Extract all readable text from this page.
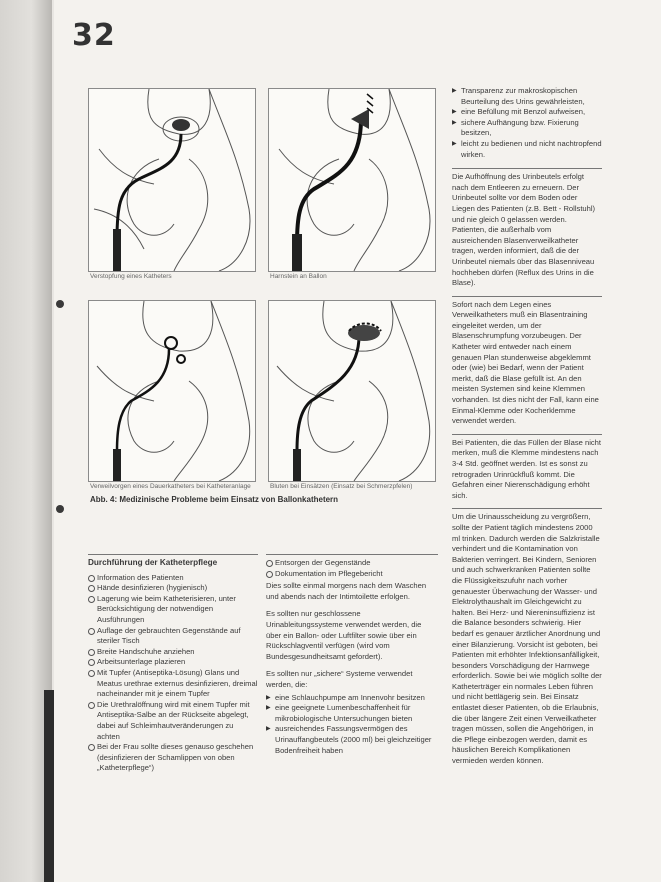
32
Verstopfung eines Katheters	Harnstein an Ballon
Verweilvorgen eines Dauerkatheters bei Katheteranlage	Bluten bei Einsätzen (Einsatz bei Schmerzpfelen)
Abb. 4: Medizinische Probleme beim Einsatz von Ballonkathetern
Durchführung der Katheterpflege
Information des Patienten
Hände desinfizieren (hygienisch)
Lagerung wie beim Katheterisieren, unter Berücksichtigung der notwendigen Ausführungen
Auflage der gebrauchten Gegenstände auf steriler Tisch
Breite Handschuhe anziehen
Arbeitsunterlage plazieren
Mit Tupfer (Antiseptika-Lösung) Glans und Meatus urethrae externus desinfizieren, dreimal nacheinander mit je einem Tupfer
Die Urethralöffnung wird mit einem Tupfer mit Antiseptika-Salbe an der Rückseite abgelegt, dabei auf Schleimhautveränderungen zu achten
Bei der Frau sollte dieses genauso geschehen (desinfizieren der Schamlippen von oben „Katheterpflege“)
Entsorgen der Gegenstände
Dokumentation im Pflegebericht

Dies sollte einmal morgens nach dem Waschen und abends nach der Intimtoilette erfolgen.

Es sollten nur geschlossene Urinableitungssysteme verwendet werden, die über ein Ballon- oder Luftfilter sowie über ein Rückschlagventil verfügen (wird vom Bundesgesundheitsamt gefordert).

Es sollten nur „sichere“ Systeme verwendet werden, die:

▶ eine Schlauchpumpe am Innenvohr besitzen
▶ eine geeignete Lumenbeschaffenheit für mikrobiologische Untersuchungen bieten
▶ ausreichendes Fassungsvermögen des Urinauffangbeutels (2000 ml) bei gleichzeitiger Bodenfreiheit haben
▶ Transparenz zur makroskopischen Beurteilung des Urins gewährleisten,
▶ eine Befüllung mit Benzol aufweisen,
▶ sichere Aufhängung bzw. Fixierung besitzen,
▶ leicht zu bedienen und nicht nachtropfend wirken.

Die Aufhöffnung des Urinbeutels erfolgt nach dem Entleeren zu erneuern. Der Urinbeutel sollte vor dem Boden oder Liegen des Patienten (z.B. Bett - Rollstuhl) und nie gleich 0 gelassen werden. Patienten, die außerhalb vom ausreichenden Blasenverweilkatheter tragen, werden informiert, daß die der Urinbeutel niemals über das Blasenniveau hochheben dürfen (Reflux des Urins in die Blase).

Sofort nach dem Legen eines Verweilkatheters muß ein Blasentraining eingeleitet werden, um der Blasenschrumpfung vorzubeugen. Der Katheter wird entweder nach einem genauen Plan stundenweise abgeklemmt oder (wie) bei Bedarf, wenn der Patient merkt, daß die Blase gefüllt ist. An den meisten Systemen sind keine Klemmen vorhanden. Ist dies nicht der Fall, kann eine Einmal-Klemme oder Kocherklemme verwendet werden.

Bei Patienten, die das Füllen der Blase nicht merken, muß die Klemme mindestens nach 3-4 Std. geöffnet werden. Ist es sonst zu retrograden Urinrückfluß kommt. Die Gefahren einer Nierenschädigung erhöht sich.

Um die Urinausscheidung zu vergrößern, sollte der Patient täglich mindestens 2000 ml trinken. Dadurch werden die Salzkristalle verhindert und die Kontamination von Bakterien verringert. Bei Kindern, Senioren und auch schwerkranken Patienten sollte die Flüssigkeitszufuhr nach vorher genauester Überwachung der Wasser- und Elektrolythaushalt im Gleichgewicht zu halten. Bei Herz- und Niereninsuffizienz ist die Balance besonders schwierig. Hier bedarf es genauer ärztlicher Anordnung und einer Bilanzierung. Vorsicht ist geboten, bei Patienten mit erhöhter Infektionsanfälligkeit, besonders Vorschädigung der Harnwege erforderlich. Sowie bei wie möglich sollte der Katheterträger ein normales Leben führen und nicht bettlägerig sein. Bei Einsatz entlastet dieser Patienten, ob die Erlaubnis, die über längere Zeit einen Verweilkatheter tragen müssen, sollen die Angehörigen, in die Pflege einbezogen werden, damit es häuslichen Bereich Komplikationen vermieden werden können.
